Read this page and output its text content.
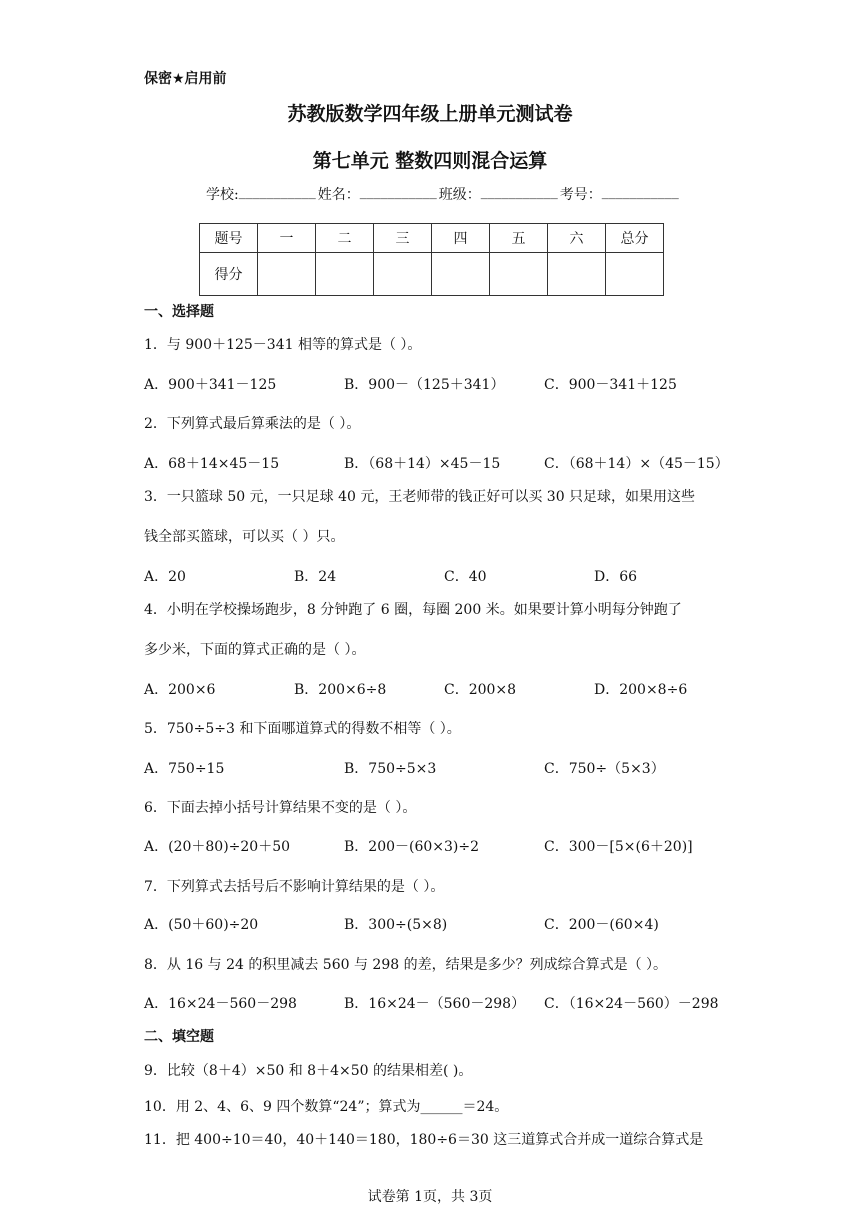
保密★启用前
苏教版数学四年级上册单元测试卷
第七单元 整数四则混合运算
学校: ___________ 姓名： ___________ 班级： ___________ 考号： ___________
题号	一	二	三	四	五	六	总分
得分							
一、选择题
1．与 900＋125－341 相等的算式是（ ）。
A．900＋341－125	B．900－（125＋341）	C．900－341＋125
2．下列算式最后算乘法的是（ ）。
A．68＋14×45－15	B．（68＋14）×45－15	C．（68＋14）×（45－15）
3．一只篮球 50 元，一只足球 40 元，王老师带的钱正好可以买 30 只足球，如果用这些
钱全部买篮球，可以买（ ）只。
A．20	B．24	C．40	D．66
4．小明在学校操场跑步，8 分钟跑了 6 圈，每圈 200 米。如果要计算小明每分钟跑了
多少米，下面的算式正确的是（ ）。
A．200×6	B．200×6÷8	C．200×8	D．200×8÷6
5．750÷5÷3 和下面哪道算式的得数不相等（ ）。
A．750÷15	B．750÷5×3	C．750÷（5×3）
6．下面去掉小括号计算结果不变的是（ ）。
A．(20＋80)÷20＋50	B．200－(60×3)÷2	C．300－[5×(6＋20)]
7．下列算式去括号后不影响计算结果的是（ ）。
A．(50＋60)÷20	B．300÷(5×8)	C．200－(60×4)
8．从 16 与 24 的积里减去 560 与 298 的差，结果是多少？列成综合算式是（ ）。
A．16×24－560－298	B．16×24－（560－298） C．（16×24－560）－298
二、填空题
9．比较（8＋4）×50 和 8＋4×50 的结果相差( )。
10．用 2、4、6、9 四个数算“24”；算式为______＝24。
11．把 400÷10＝40，40＋140＝180，180÷6＝30 这三道算式合并成一道综合算式是
试卷第 1页，共 3页
